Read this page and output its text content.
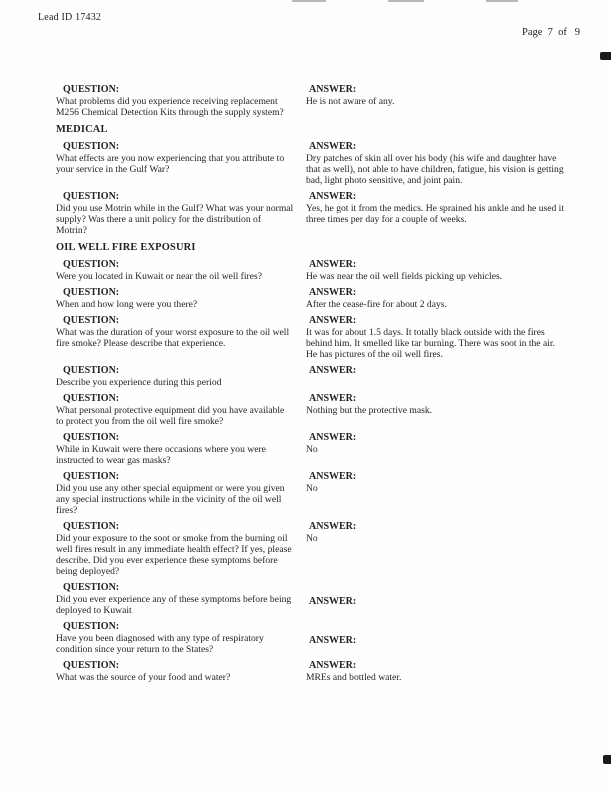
Lead ID 17432
Page  7  of   9
QUESTION:
What problems did you experience receiving replacement M256 Chemical Detection Kits through the supply system?
ANSWER:
He is not aware of any.
MEDICAL
QUESTION:
What effects are you now experiencing that you attribute to your service in the Gulf War?
ANSWER:
Dry patches of skin all over his body (his wife and daughter have that as well), not able to have children, fatigue, his vision is getting bad, light photo sensitive, and joint pain.
QUESTION:
Did you use Motrin while in the Gulf? What was your normal supply? Was there a unit policy for the distribution of Motrin?
ANSWER:
Yes, he got it from the medics. He sprained his ankle and he used it three times per day for a couple of weeks.
OIL WELL FIRE EXPOSURI
QUESTION:
Were you located in Kuwait or near the oil well fires?
ANSWER:
He was near the oil well fields picking up vehicles.
QUESTION:
When and how long were you there?
ANSWER:
After the cease-fire for about 2 days.
QUESTION:
What was the duration of your worst exposure to the oil well fire smoke? Please describe that experience.
ANSWER:
It was for about 1.5 days. It totally black outside with the fires behind him. It smelled like tar burning. There was soot in the air. He has pictures of the oil well fires.
QUESTION:
Describe you experience during this period
ANSWER:
QUESTION:
What personal protective equipment did you have available to protect you from the oil well fire smoke?
ANSWER:
Nothing but the protective mask.
QUESTION:
While in Kuwait were there occasions where you were instructed to wear gas masks?
ANSWER:
No
QUESTION:
Did you use any other special equipment or were you given any special instructions while in the vicinity of the oil well fires?
ANSWER:
No
QUESTION:
Did your exposure to the soot or smoke from the burning oil well fires result in any immediate health effect? If yes, please describe. Did you ever experience these symptoms before being deployed?
ANSWER:
No
QUESTION:
Did you ever experience any of these symptoms before being deployed to Kuwait
ANSWER:
QUESTION:
Have you been diagnosed with any type of respiratory condition since your return to the States?
ANSWER:
QUESTION:
What was the source of your food and water?
ANSWER:
MREs and bottled water.
